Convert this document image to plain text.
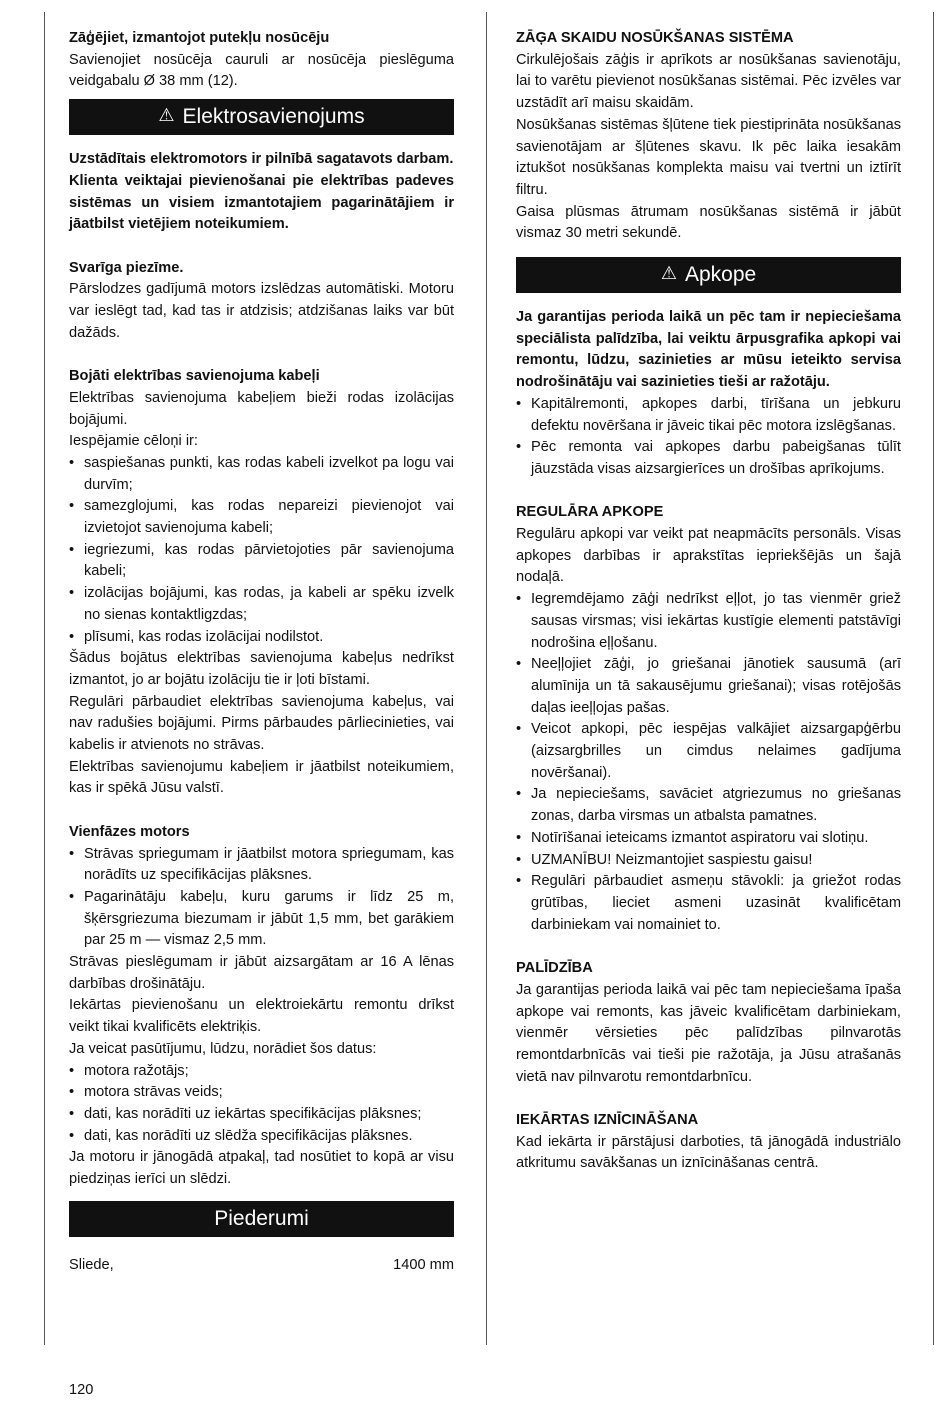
Zāģējiet, izmantojot putekļu nosūcēju

Savienojiet nosūcēja cauruli ar nosūcēja pieslēguma veidgabalu Ø 38 mm (12).

⚠ Elektrosavienojums

Uzstādītais elektromotors ir pilnībā sagatavots darbam.

Klienta veiktajai pievienošanai pie elektrības padeves sistēmas un visiem izmantotajiem pagarinātājiem ir jāatbilst vietējiem noteikumiem.

Svarīga piezīme.

Pārslodzes gadījumā motors izslēdzas automātiski. Motoru var ieslēgt tad, kad tas ir atdzisis; atdzišanas laiks var būt dažāds.

Bojāti elektrības savienojuma kabeļi

Elektrības savienojuma kabeļiem bieži rodas izolācijas bojājumi.

Iespējamie cēloņi ir:

• saspiešanas punkti, kas rodas kabeli izvelkot pa logu vai durvīm;
• samezglojumi, kas rodas nepareizi pievienojot vai izvietojot savienojuma kabeli;
• iegriezumi, kas rodas pārvietojoties pār savienojuma kabeli;
• izolācijas bojājumi, kas rodas, ja kabeli ar spēku izvelk no sienas kontaktligzdas;
• plīsumi, kas rodas izolācijai nodilstot.

Šādus bojātus elektrības savienojuma kabeļus nedrīkst izmantot, jo ar bojātu izolāciju tie ir ļoti bīstami.

Regulāri pārbaudiet elektrības savienojuma kabeļus, vai nav radušies bojājumi. Pirms pārbaudes pārliecinieties, vai kabelis ir atvienots no strāvas.

Elektrības savienojumu kabeļiem ir jāatbilst noteikumiem, kas ir spēkā Jūsu valstī.

Vienfāzes motors

• Strāvas spriegumam ir jāatbilst motora spriegumam, kas norādīts uz specifikācijas plāksnes.
• Pagarinātāju kabeļu, kuru garums ir līdz 25 m, šķērsgriezuma biezumam ir jābūt 1,5 mm, bet garākiem par 25 m — vismaz 2,5 mm.

Strāvas pieslēgumam ir jābūt aizsargātam ar 16 A lēnas darbības drošinātāju.

Iekārtas pievienošanu un elektroiekārtu remontu drīkst veikt tikai kvalificēts elektriķis.

Ja veicat pasūtījumu, lūdzu, norādiet šos datus:

• motora ražotājs;
• motora strāvas veids;
• dati, kas norādīti uz iekārtas specifikācijas plāksnes;
• dati, kas norādīti uz slēdža specifikācijas plāksnes.

Ja motoru ir jānogādā atpakaļ, tad nosūtiet to kopā ar visu piedziņas ierīci un slēdzi.

Piederumi
Sliede,	1400 mm

ZĀĢA SKAIDU NOSŪKŠANAS SISTĒMA

Cirkulējošais zāģis ir aprīkots ar nosūkšanas savienotāju, lai to varētu pievienot nosūkšanas sistēmai. Pēc izvēles var uzstādīt arī maisu skaidām.

Nosūkšanas sistēmas šļūtene tiek piestiprināta nosūkšanas savienotājam ar šļūtenes skavu. Ik pēc laika iesakām iztukšot nosūkšanas komplekta maisu vai tvertni un iztīrīt filtru.

Gaisa plūsmas ātrumam nosūkšanas sistēmā ir jābūt vismaz 30 metri sekundē.

⚠ Apkope

Ja garantijas perioda laikā un pēc tam ir nepieciešama speciālista palīdzība, lai veiktu ārpusgrafika apkopi vai remontu, lūdzu, sazinieties ar mūsu ieteikto servisa nodrošinātāju vai sazinieties tieši ar ražotāju.

• Kapitālremonti, apkopes darbi, tīrīšana un jebkuru defektu novēršana ir jāveic tikai pēc motora izslēgšanas.
• Pēc remonta vai apkopes darbu pabeigšanas tūlīt jāuzstāda visas aizsargierīces un drošības aprīkojums.

REGULĀRA APKOPE

Regulāru apkopi var veikt pat neapmācīts personāls. Visas apkopes darbības ir aprakstītas iepriekšējās un šajā nodaļā.

• Iegremdējamo zāģi nedrīkst eļļot, jo tas vienmēr griež sausas virsmas; visi iekārtas kustīgie elementi patstāvīgi nodrošina eļļošanu.
• Neeļļojiet zāģi, jo griešanai jānotiek sausumā (arī alumīnija un tā sakausējumu griešanai); visas rotējošās daļas ieeļļojas pašas.
• Veicot apkopi, pēc iespējas valkājiet aizsargapģērbu (aizsargbrilles un cimdus nelaimes gadījuma novēršanai).
• Ja nepieciešams, savāciet atgriezumus no griešanas zonas, darba virsmas un atbalsta pamatnes.
• Notīrīšanai ieteicams izmantot aspiratoru vai slotiņu.
• UZMANĪBU! Neizmantojiet saspiestu gaisu!
• Regulāri pārbaudiet asmeņu stāvokli: ja griežot rodas grūtības, lieciet asmeni uzasināt kvalificētam darbiniekam vai nomainiet to.

PALĪDZĪBA

Ja garantijas perioda laikā vai pēc tam nepieciešama īpaša apkope vai remonts, kas jāveic kvalificētam darbiniekam, vienmēr vērsieties pēc palīdzības pilnvarotās remontdarbnīcās vai tieši pie ražotāja, ja Jūsu atrašanās vietā nav pilnvarotu remontdarbnīcu.

IEKĀRTAS IZNĪCINĀŠANA

Kad iekārta ir pārstājusi darboties, tā jānogādā industriālo atkritumu savākšanas un iznīcināšanas centrā.

120
